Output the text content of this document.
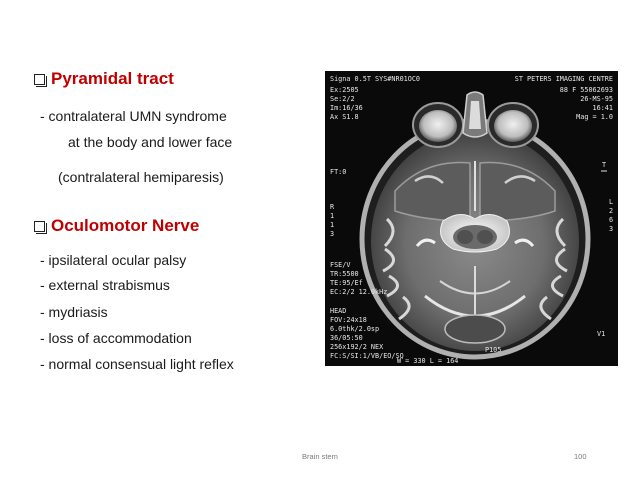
Pyramidal tract
- contralateral UMN syndrome
at the body and lower face
(contralateral hemiparesis)
Oculomotor Nerve
- ipsilateral ocular palsy
- external strabismus
- mydriasis
- loss of accommodation
- normal consensual light reflex
Signa 0.5T SYS#NR01OC0	ST PETERS IMAGING CENTRE
Ex:2505
Se:2/2
Im:16/36
Ax S1.8
88 F 55062693
26-MS-95
16:41
Mag = 1.0
FT:0
R
1
1
3
L
2
6
3
FSE/V
TR:5500
TE:95/Ef
EC:2/2 12.0kHz
HEAD
FOV:24x18
6.0thk/2.0sp
36/05:50
256x192/2 NEX
FC:S/SI:1/VB/EO/SQ
P105
W = 330 L = 164
V1
T
Brain stem	100
